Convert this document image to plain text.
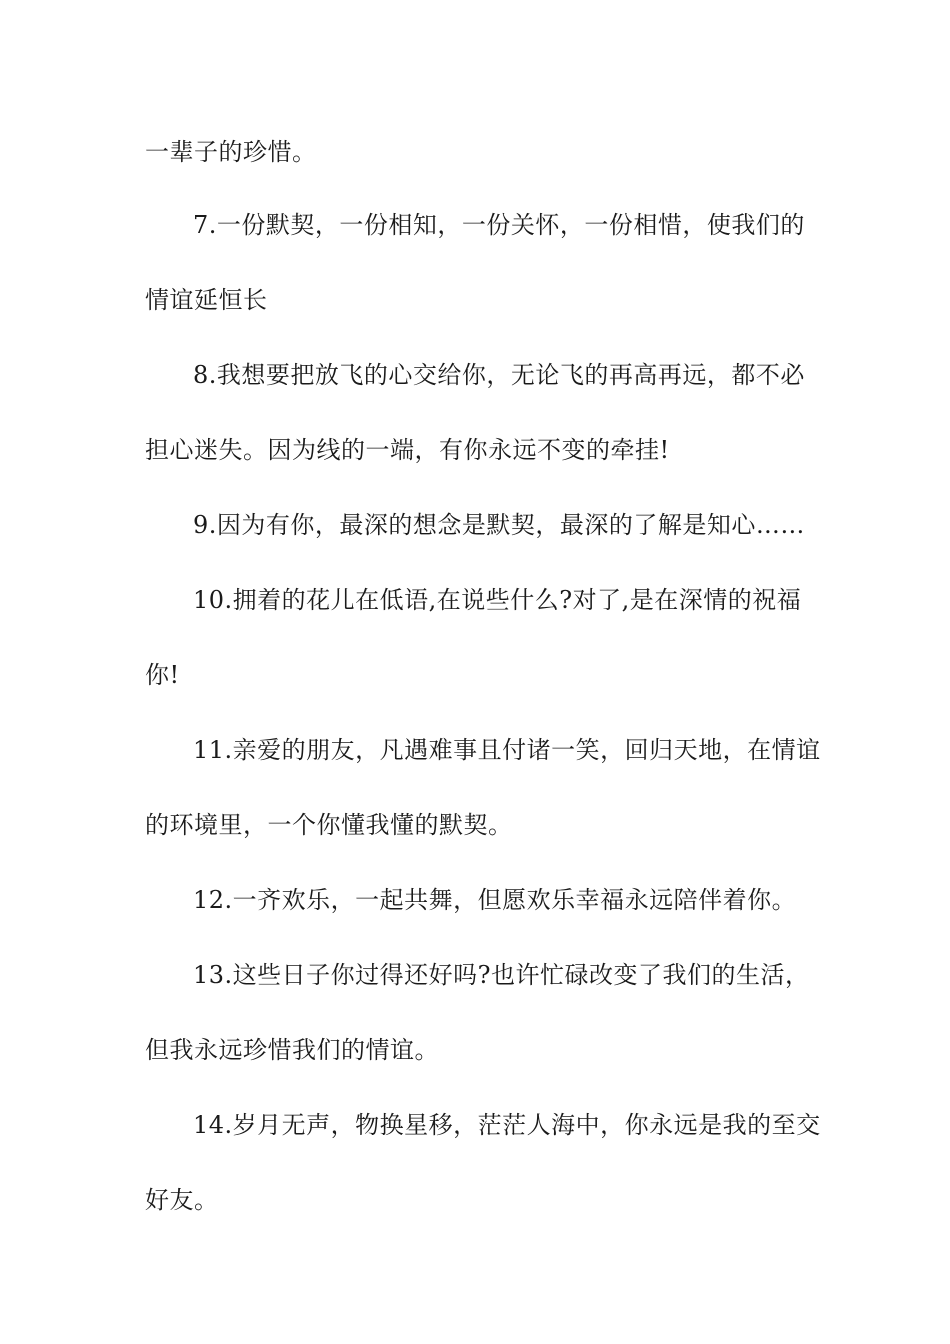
一辈子的珍惜。
7.一份默契，一份相知，一份关怀，一份相惜，使我们的
情谊延恒长
8.我想要把放飞的心交给你，无论飞的再高再远，都不必
担心迷失。因为线的一端，有你永远不变的牵挂!
9.因为有你，最深的想念是默契，最深的了解是知心……
10.拥着的花儿在低语,在说些什么?对了,是在深情的祝福
你!
11.亲爱的朋友，凡遇难事且付诸一笑，回归天地，在情谊
的环境里，一个你懂我懂的默契。
12.一齐欢乐，一起共舞，但愿欢乐幸福永远陪伴着你。
13.这些日子你过得还好吗?也许忙碌改变了我们的生活，
但我永远珍惜我们的情谊。
14.岁月无声，物换星移，茫茫人海中，你永远是我的至交
好友。
